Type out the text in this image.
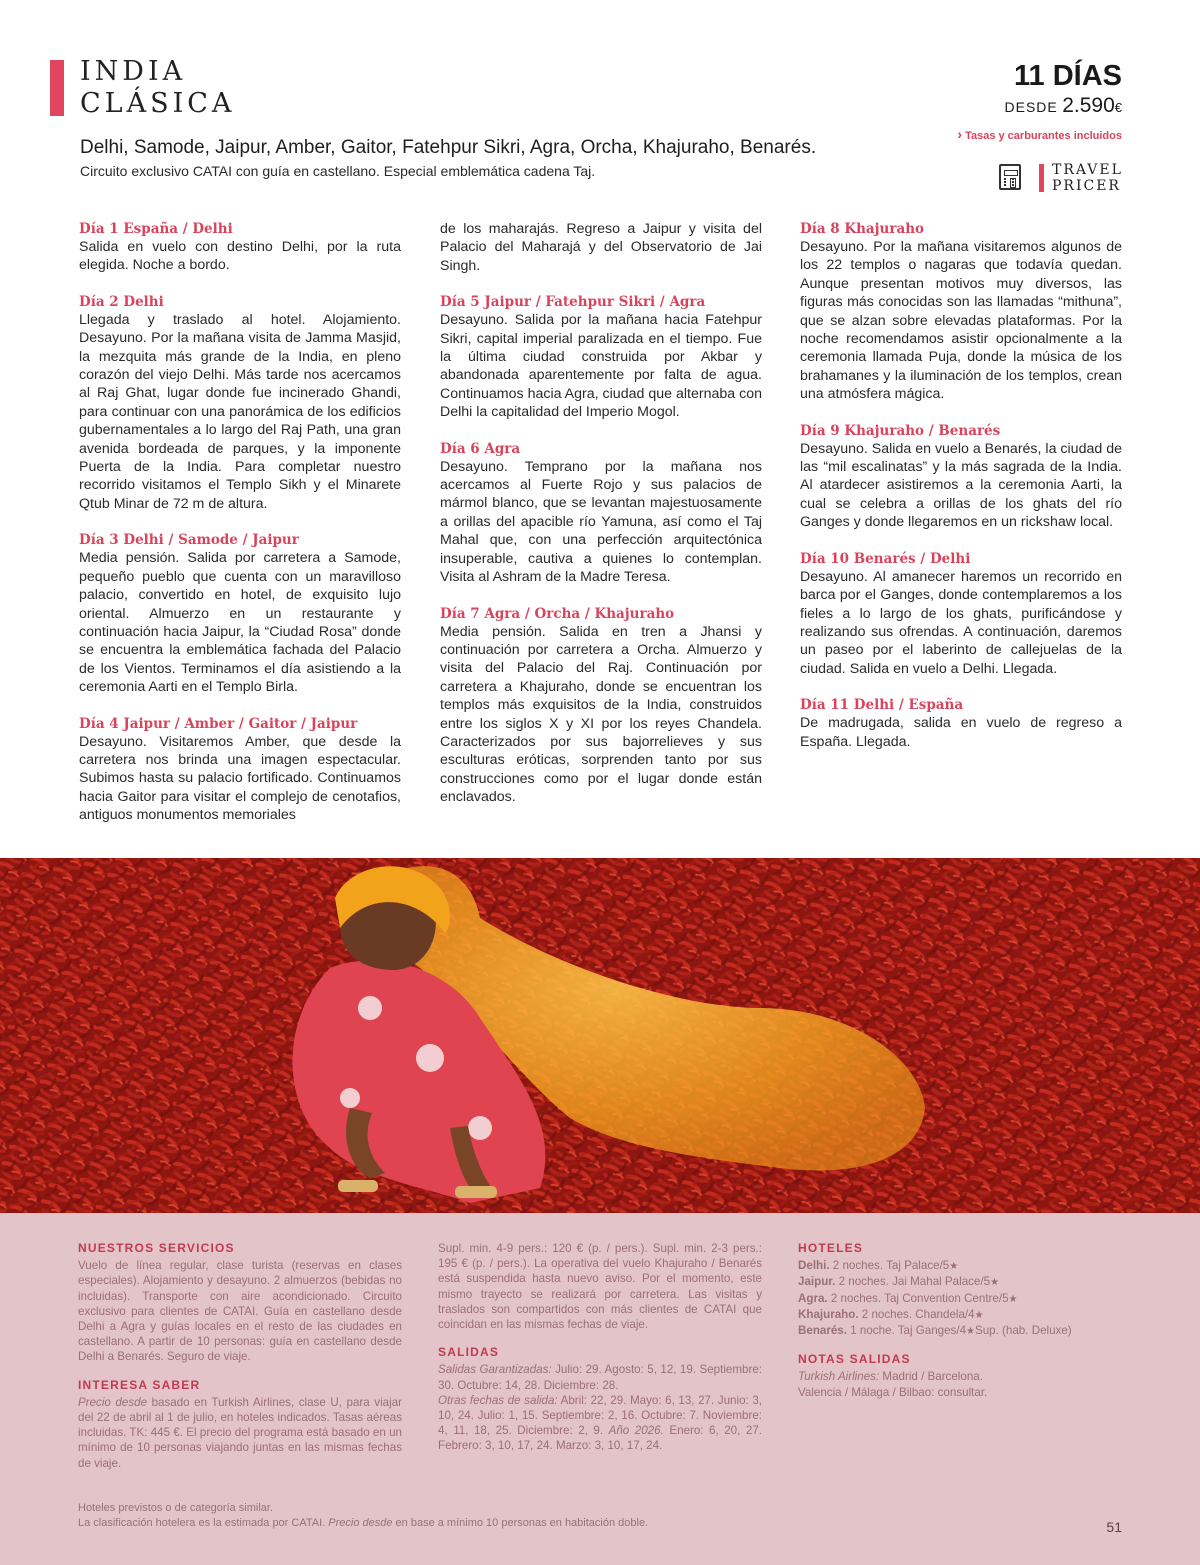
INDIA
CLÁSICA
Delhi, Samode, Jaipur, Amber, Gaitor, Fatehpur Sikri, Agra, Orcha, Khajuraho, Benarés.
Circuito exclusivo CATAI con guía en castellano. Especial emblemática cadena Taj.
11 DÍAS
DESDE 2.590€
› Tasas y carburantes incluidos
TRAVEL
PRICER
Día 1 España / Delhi

Salida en vuelo con destino Delhi, por la ruta elegida. Noche a bordo.

Día 2 Delhi

Llegada y traslado al hotel. Alojamiento. Desayuno. Por la mañana visita de Jamma Masjid, la mezquita más grande de la India, en pleno corazón del viejo Delhi. Más tarde nos acercamos al Raj Ghat, lugar donde fue incinerado Ghandi, para continuar con una panorámica de los edificios gubernamentales a lo largo del Raj Path, una gran avenida bordeada de parques, y la imponente Puerta de la India. Para completar nuestro recorrido visitamos el Templo Sikh y el Minarete Qtub Minar de 72 m de altura.

Día 3 Delhi / Samode / Jaipur

Media pensión. Salida por carretera a Samode, pequeño pueblo que cuenta con un maravilloso palacio, convertido en hotel, de exquisito lujo oriental. Almuerzo en un restaurante y continuación hacia Jaipur, la “Ciudad Rosa” donde se encuentra la emblemática fachada del Palacio de los Vientos. Terminamos el día asistiendo a la ceremonia Aarti en el Templo Birla.

Día 4 Jaipur / Amber / Gaitor / Jaipur

Desayuno. Visitaremos Amber, que desde la carretera nos brinda una imagen espectacular. Subimos hasta su palacio fortificado. Continuamos hacia Gaitor para visitar el complejo de cenotafios, antiguos monumentos memoriales

de los maharajás. Regreso a Jaipur y visita del Palacio del Maharajá y del Observatorio de Jai Singh.

Día 5 Jaipur / Fatehpur Sikri / Agra

Desayuno. Salida por la mañana hacia Fatehpur Sikri, capital imperial paralizada en el tiempo. Fue la última ciudad construida por Akbar y abandonada aparentemente por falta de agua. Continuamos hacia Agra, ciudad que alternaba con Delhi la capitalidad del Imperio Mogol.

Día 6 Agra

Desayuno. Temprano por la mañana nos acercamos al Fuerte Rojo y sus palacios de mármol blanco, que se levantan majestuosamente a orillas del apacible río Yamuna, así como el Taj Mahal que, con una perfección arquitectónica insuperable, cautiva a quienes lo contemplan. Visita al Ashram de la Madre Teresa.

Día 7 Agra / Orcha / Khajuraho

Media pensión. Salida en tren a Jhansi y continuación por carretera a Orcha. Almuerzo y visita del Palacio del Raj. Continuación por carretera a Khajuraho, donde se encuentran los templos más exquisitos de la India, construidos entre los siglos X y XI por los reyes Chandela. Caracterizados por sus bajorrelieves y sus esculturas eróticas, sorprenden tanto por sus construcciones como por el lugar donde están enclavados.

Día 8 Khajuraho

Desayuno. Por la mañana visitaremos algunos de los 22 templos o nagaras que todavía quedan. Aunque presentan motivos muy diversos, las figuras más conocidas son las llamadas “mithuna”, que se alzan sobre elevadas plataformas. Por la noche recomendamos asistir opcionalmente a la ceremonia llamada Puja, donde la música de los brahamanes y la iluminación de los templos, crean una atmósfera mágica.

Día 9 Khajuraho / Benarés

Desayuno. Salida en vuelo a Benarés, la ciudad de las “mil escalinatas” y la más sagrada de la India. Al atardecer asistiremos a la ceremonia Aarti, la cual se celebra a orillas de los ghats del río Ganges y donde llegaremos en un rickshaw local.

Día 10 Benarés / Delhi

Desayuno. Al amanecer haremos un recorrido en barca por el Ganges, donde contemplaremos a los fieles a lo largo de los ghats, purificándose y realizando sus ofrendas. A continuación, daremos un paseo por el laberinto de callejuelas de la ciudad. Salida en vuelo a Delhi. Llegada.

Día 11 Delhi / España

De madrugada, salida en vuelo de regreso a España. Llegada.

NUESTROS SERVICIOS

Vuelo de línea regular, clase turista (reservas en clases especiales). Alojamiento y desayuno. 2 almuerzos (bebidas no incluidas). Transporte con aire acondicionado. Circuito exclusivo para clientes de CATAI. Guía en castellano desde Delhi a Agra y guías locales en el resto de las ciudades en castellano. A partir de 10 personas: guía en castellano desde Delhi a Benarés. Seguro de viaje.

INTERESA SABER

Precio desde basado en Turkish Airlines, clase U, para viajar del 22 de abril al 1 de julio, en hoteles indicados. Tasas aéreas incluidas. TK: 445 €. El precio del programa está basado en un mínimo de 10 personas viajando juntas en las mismas fechas de viaje.

Supl. min. 4-9 pers.: 120 € (p. / pers.). Supl. min. 2-3 pers.: 195 € (p. / pers.). La operativa del vuelo Khajuraho / Benarés está suspendida hasta nuevo aviso. Por el momento, este mismo trayecto se realizará por carretera. Las visitas y traslados son compartidos con más clientes de CATAI que coincidan en las mismas fechas de viaje.

SALIDAS

Salidas Garantizadas: Julio: 29. Agosto: 5, 12, 19. Septiembre: 30. Octubre: 14, 28. Diciembre: 28.
Otras fechas de salida: Abril: 22, 29. Mayo: 6, 13, 27. Junio: 3, 10, 24. Julio: 1, 15. Septiembre: 2, 16. Octubre: 7. Noviembre: 4, 11, 18, 25. Diciembre: 2, 9. Año 2026. Enero: 6, 20, 27. Febrero: 3, 10, 17, 24. Marzo: 3, 10, 17, 24.

HOTELES

Delhi. 2 noches. Taj Palace/5★
Jaipur. 2 noches. Jai Mahal Palace/5★
Agra. 2 noches. Taj Convention Centre/5★
Khajuraho. 2 noches. Chandela/4★
Benarés. 1 noche. Taj Ganges/4★Sup. (hab. Deluxe)

NOTAS SALIDAS

Turkish Airlines: Madrid / Barcelona.
Valencia / Málaga / Bilbao: consultar.

Hoteles previstos o de categoría similar.
La clasificación hotelera es la estimada por CATAI. Precio desde en base a mínimo 10 personas en habitación doble.	51
